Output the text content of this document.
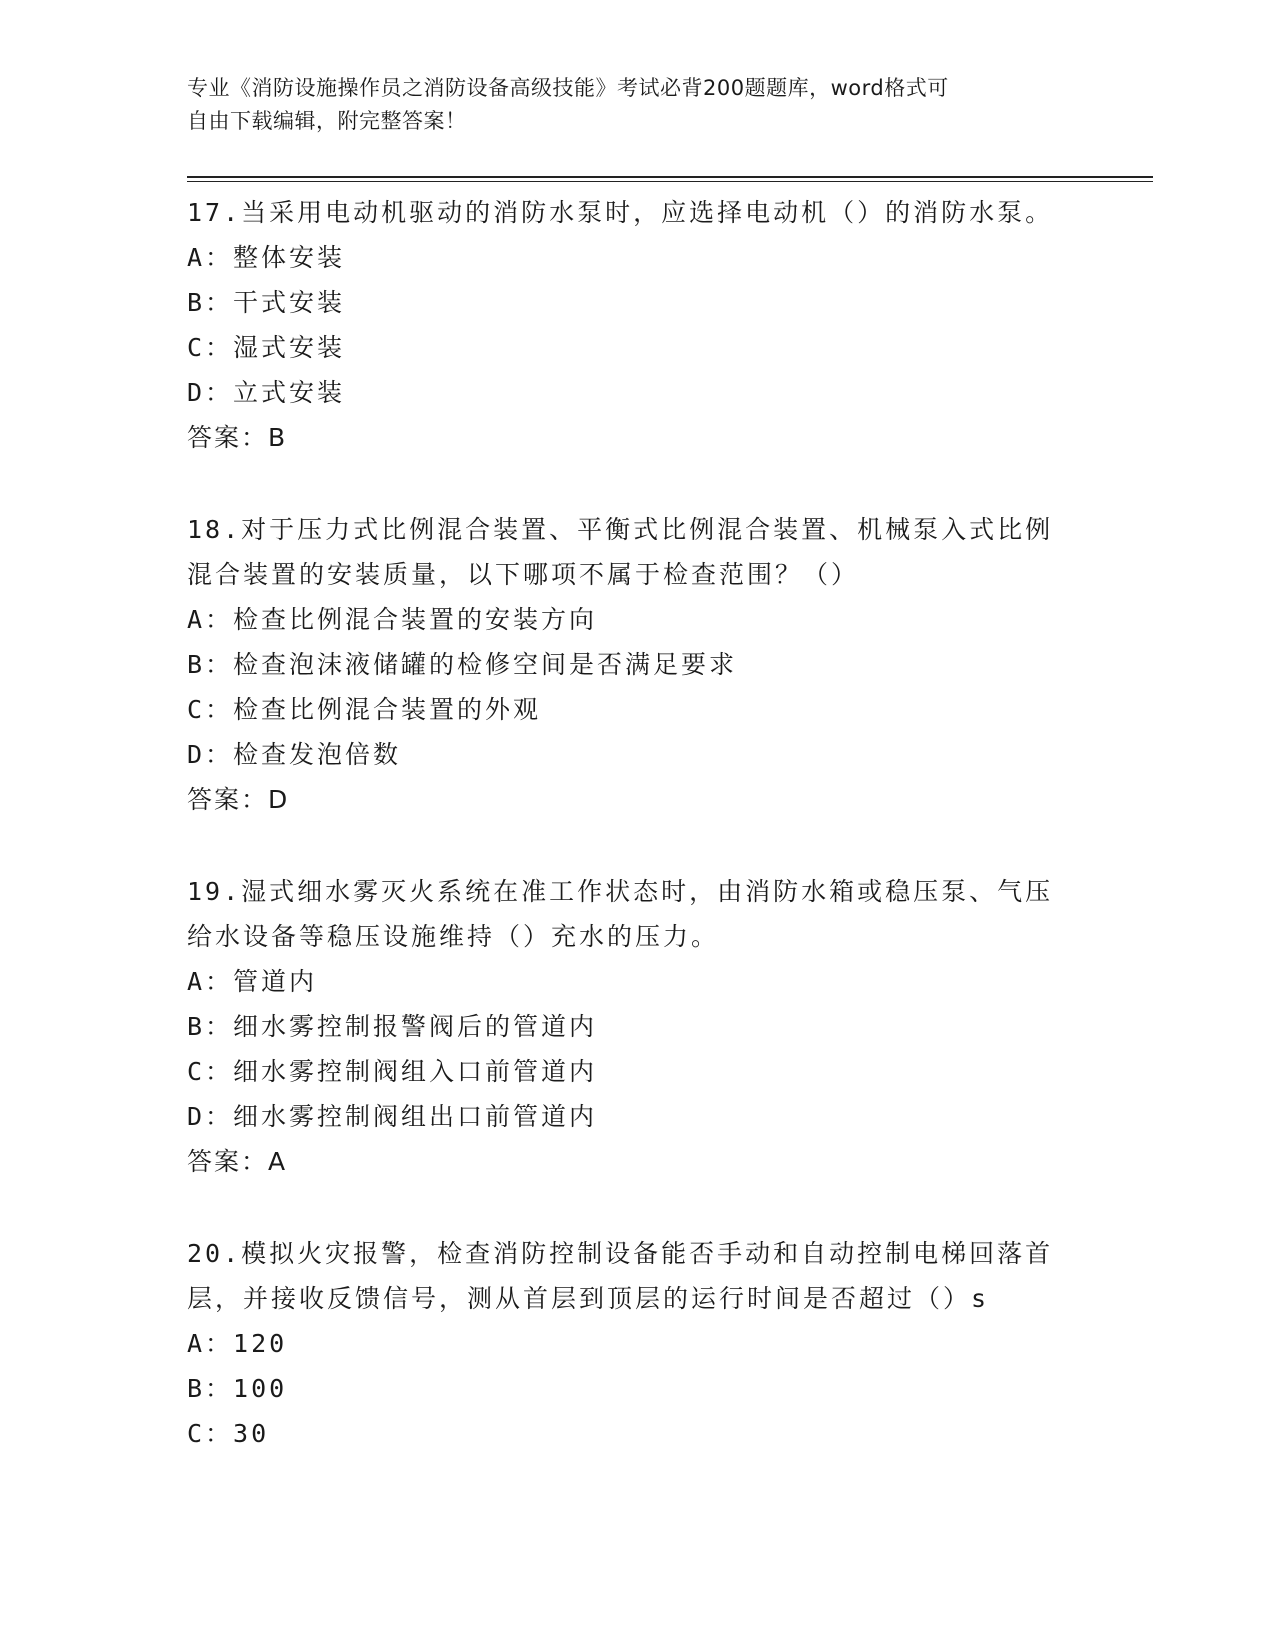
专业《消防设施操作员之消防设备高级技能》考试必背200题题库，word格式可
自由下载编辑，附完整答案！
17.当采用电动机驱动的消防水泵时，应选择电动机（）的消防水泵。
A：整体安装
B：干式安装
C：湿式安装
D：立式安装
答案：B
18.对于压力式比例混合装置、平衡式比例混合装置、机械泵入式比例
混合装置的安装质量，以下哪项不属于检查范围？（）
A：检查比例混合装置的安装方向
B：检查泡沫液储罐的检修空间是否满足要求
C：检查比例混合装置的外观
D：检查发泡倍数
答案：D
19.湿式细水雾灭火系统在准工作状态时，由消防水箱或稳压泵、气压
给水设备等稳压设施维持（）充水的压力。
A：管道内
B：细水雾控制报警阀后的管道内
C：细水雾控制阀组入口前管道内
D：细水雾控制阀组出口前管道内
答案：A
20.模拟火灾报警，检查消防控制设备能否手动和自动控制电梯回落首
层，并接收反馈信号，测从首层到顶层的运行时间是否超过（）s
A：120
B：100
C：30
